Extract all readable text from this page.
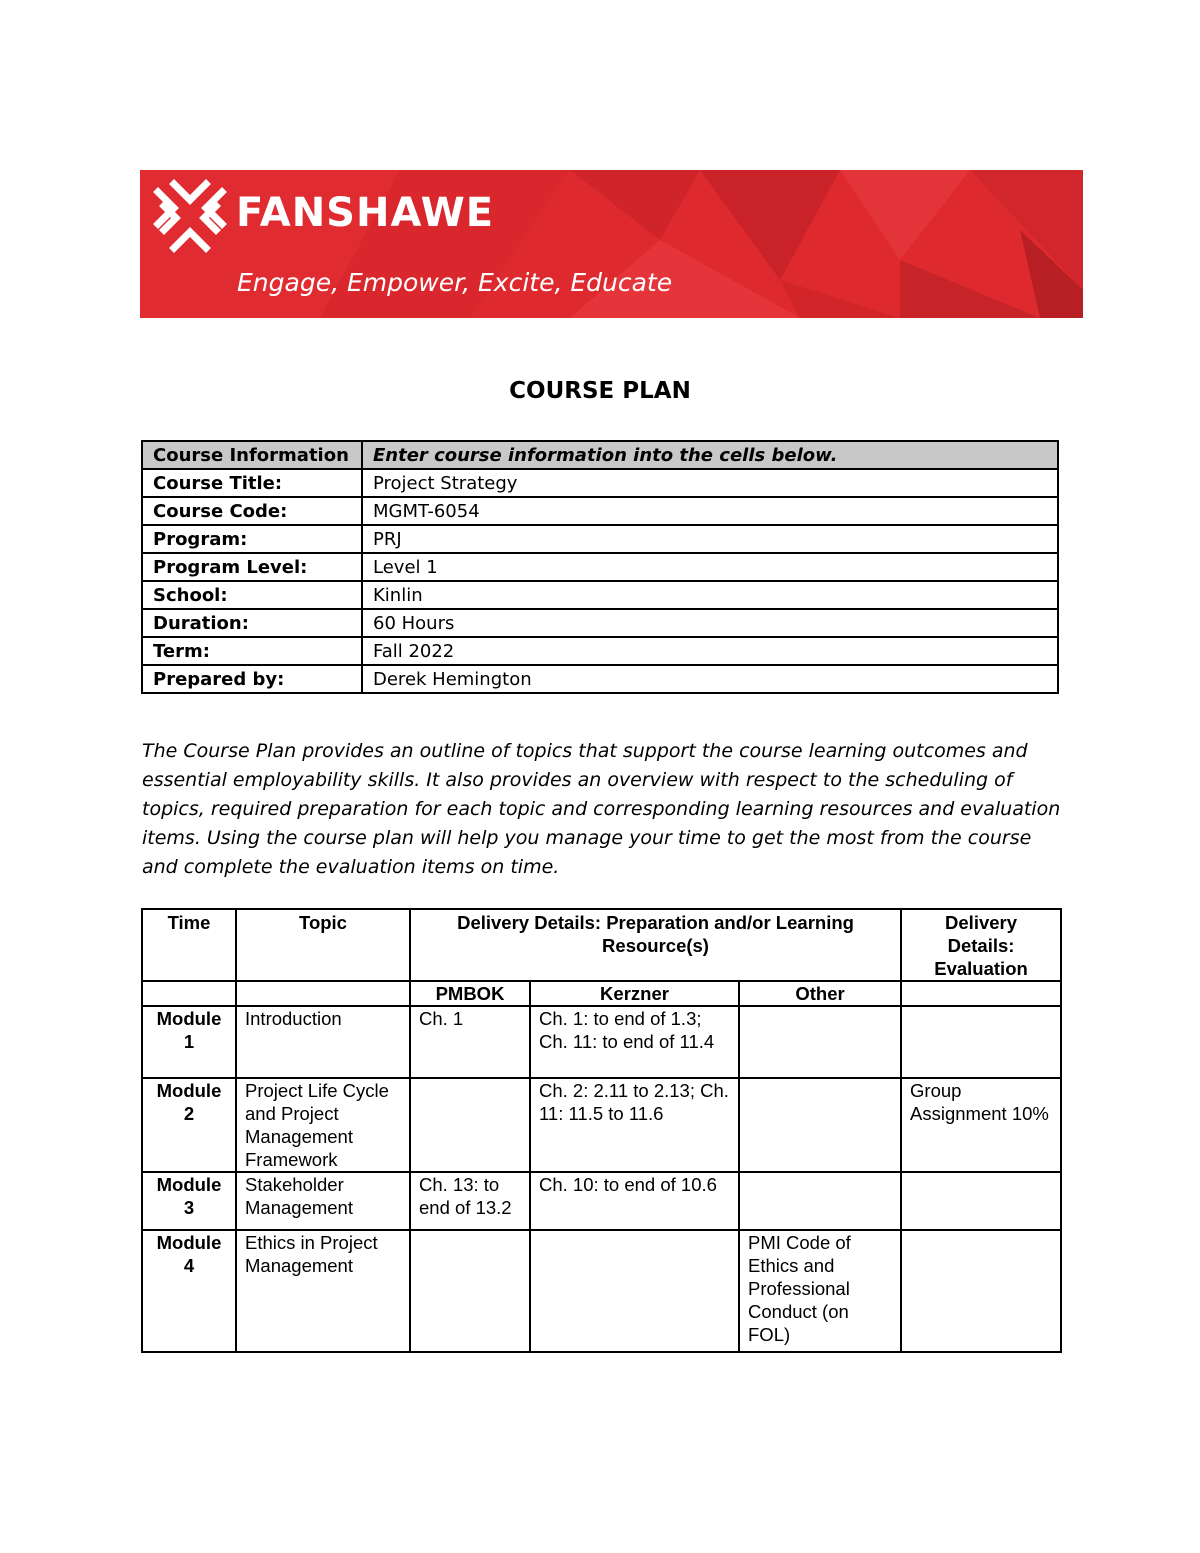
FANSHAWE
Engage, Empower, Excite, Educate
COURSE PLAN
Course Information	Enter course information into the cells below.
Course Title:	Project Strategy
Course Code:	MGMT-6054
Program:	PRJ
Program Level:	Level 1
School:	Kinlin
Duration:	60 Hours
Term:	Fall 2022
Prepared by:	Derek Hemington

The Course Plan provides an outline of topics that support the course learning outcomes and essential employability skills. It also provides an overview with respect to the scheduling of topics, required preparation for each topic and corresponding learning resources and evaluation items. Using the course plan will help you manage your time to get the most from the course and complete the evaluation items on time.

Time	Topic	Delivery Details: Preparation and/or Learning Resource(s)			Delivery Details: Evaluation
		PMBOK	Kerzner	Other	
Module 1	Introduction	Ch. 1	Ch. 1: to end of 1.3; Ch. 11: to end of 11.4		
Module 2	Project Life Cycle and Project Management Framework		Ch. 2: 2.11 to 2.13; Ch. 11: 11.5 to 11.6		Group Assignment 10%
Module 3	Stakeholder Management	Ch. 13: to end of 13.2	Ch. 10: to end of 10.6		
Module 4	Ethics in Project Management			PMI Code of Ethics and Professional Conduct (on FOL)	
